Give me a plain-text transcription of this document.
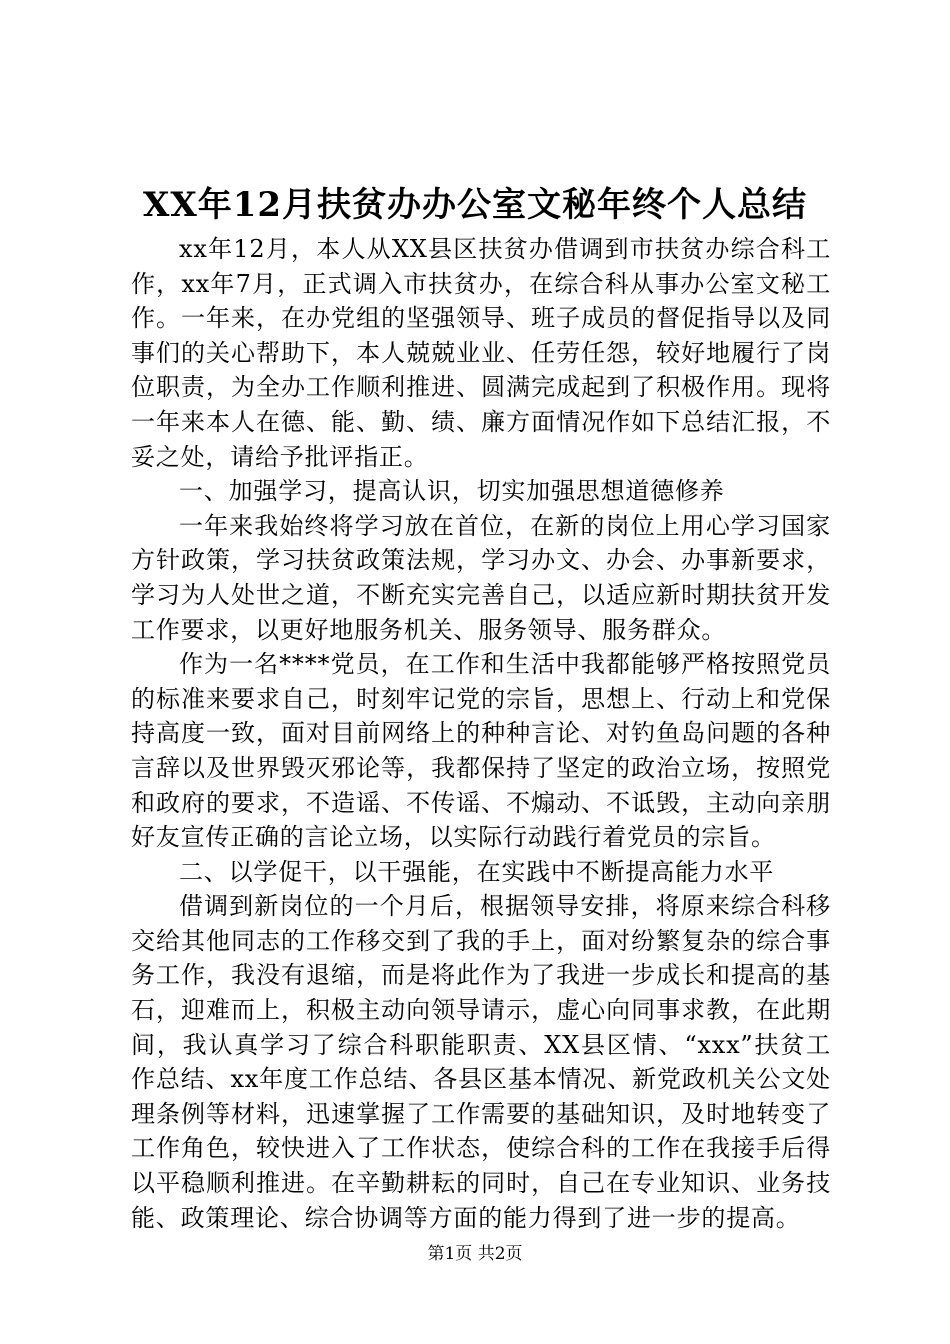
XX年12月扶贫办办公室文秘年终个人总结

xx年12月，本人从XX县区扶贫办借调到市扶贫办综合科工作，xx年7月，正式调入市扶贫办，在综合科从事办公室文秘工作。一年来，在办党组的坚强领导、班子成员的督促指导以及同事们的关心帮助下，本人兢兢业业、任劳任怨，较好地履行了岗位职责，为全办工作顺利推进、圆满完成起到了积极作用。现将一年来本人在德、能、勤、绩、廉方面情况作如下总结汇报，不妥之处，请给予批评指正。

一、加强学习，提高认识，切实加强思想道德修养

一年来我始终将学习放在首位，在新的岗位上用心学习国家方针政策，学习扶贫政策法规，学习办文、办会、办事新要求，学习为人处世之道，不断充实完善自己，以适应新时期扶贫开发工作要求，以更好地服务机关、服务领导、服务群众。

作为一名****党员，在工作和生活中我都能够严格按照党员的标准来要求自己，时刻牢记党的宗旨，思想上、行动上和党保持高度一致，面对目前网络上的种种言论、对钓鱼岛问题的各种言辞以及世界毁灭邪论等，我都保持了坚定的政治立场，按照党和政府的要求，不造谣、不传谣、不煽动、不诋毁，主动向亲朋好友宣传正确的言论立场，以实际行动践行着党员的宗旨。

二、以学促干，以干强能，在实践中不断提高能力水平

借调到新岗位的一个月后，根据领导安排，将原来综合科移交给其他同志的工作移交到了我的手上，面对纷繁复杂的综合事务工作，我没有退缩，而是将此作为了我进一步成长和提高的基石，迎难而上，积极主动向领导请示，虚心向同事求教，在此期间，我认真学习了综合科职能职责、XX县区情、“xxx”扶贫工作总结、xx年度工作总结、各县区基本情况、新党政机关公文处理条例等材料，迅速掌握了工作需要的基础知识，及时地转变了工作角色，较快进入了工作状态，使综合科的工作在我接手后得以平稳顺利推进。在辛勤耕耘的同时，自己在专业知识、业务技能、政策理论、综合协调等方面的能力得到了进一步的提高。

第1页 共2页
